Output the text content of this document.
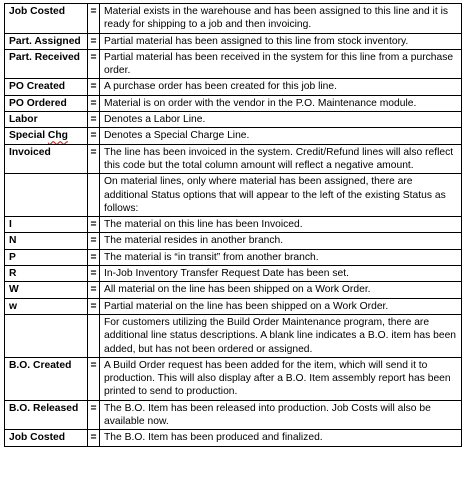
Job Costed	=	Material exists in the warehouse and has been assigned to this line and it is ready for shipping to a job and then invoicing.
Part. Assigned	=	Partial material has been assigned to this line from stock inventory.
Part. Received	=	Partial material has been received in the system for this line from a purchase order.
PO Created	=	A purchase order has been created for this job line.
PO Ordered	=	Material is on order with the vendor in the P.O. Maintenance module.
Labor	=	Denotes a Labor Line.
Special Chg	=	Denotes a Special Charge Line.
Invoiced	=	The line has been invoiced in the system. Credit/Refund lines will also reflect this code but the total column amount will reflect a negative amount.
		On material lines, only where material has been assigned, there are additional Status options that will appear to the left of the existing Status as follows:
I	=	The material on this line has been Invoiced.
N	=	The material resides in another branch.
P	=	The material is “in transit” from another branch.
R	=	In-Job Inventory Transfer Request Date has been set.
W	=	All material on the line has been shipped on a Work Order.
w	=	Partial material on the line has been shipped on a Work Order.
		For customers utilizing the Build Order Maintenance program, there are additional line status descriptions. A blank line indicates a B.O. item has been added, but has not been ordered or assigned.
B.O. Created	=	A Build Order request has been added for the item, which will send it to production. This will also display after a B.O. Item assembly report has been printed to send to production.
B.O. Released	=	The B.O. Item has been released into production. Job Costs will also be available now.
Job Costed	=	The B.O. Item has been produced and finalized.
